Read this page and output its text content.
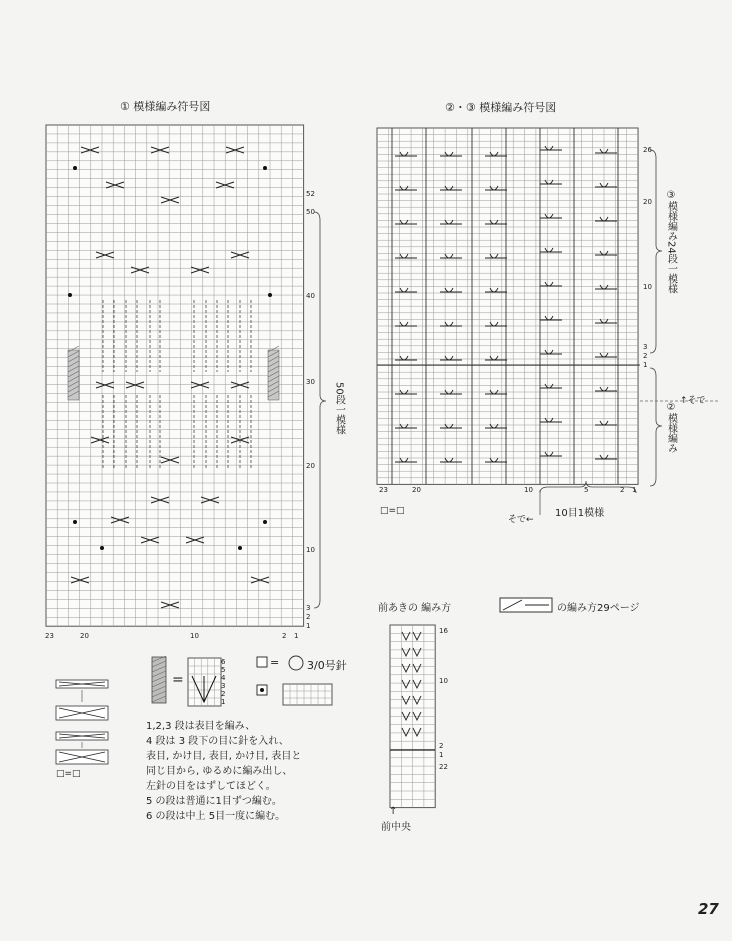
① 模様編み符号図	②・③ 模様編み符号図
52
50
40
30
20
10
3
2
1
23	20	10	2 1
50段一模様
26
20
10
3
2
1
23	20	10	5	2 1
③模様編み24段一模様
②模様編み
↑そで
そで←
10目1模様
□=□
前あきの 編み方	の編み方29ページ
16
10
2
1
22
↑
前中央
=
6
5
4
3
2
1
=	3/0号針
□=□
1,2,3 段は表目を編み、
4 段は 3 段下の目に針を入れ、
表目, かけ目, 表目, かけ目, 表目と
同じ目から, ゆるめに編み出し、
左針の目をはずしてほどく。
5 の段は普通に1目ずつ編む。
6 の段は中上 5目一度に編む。
27
